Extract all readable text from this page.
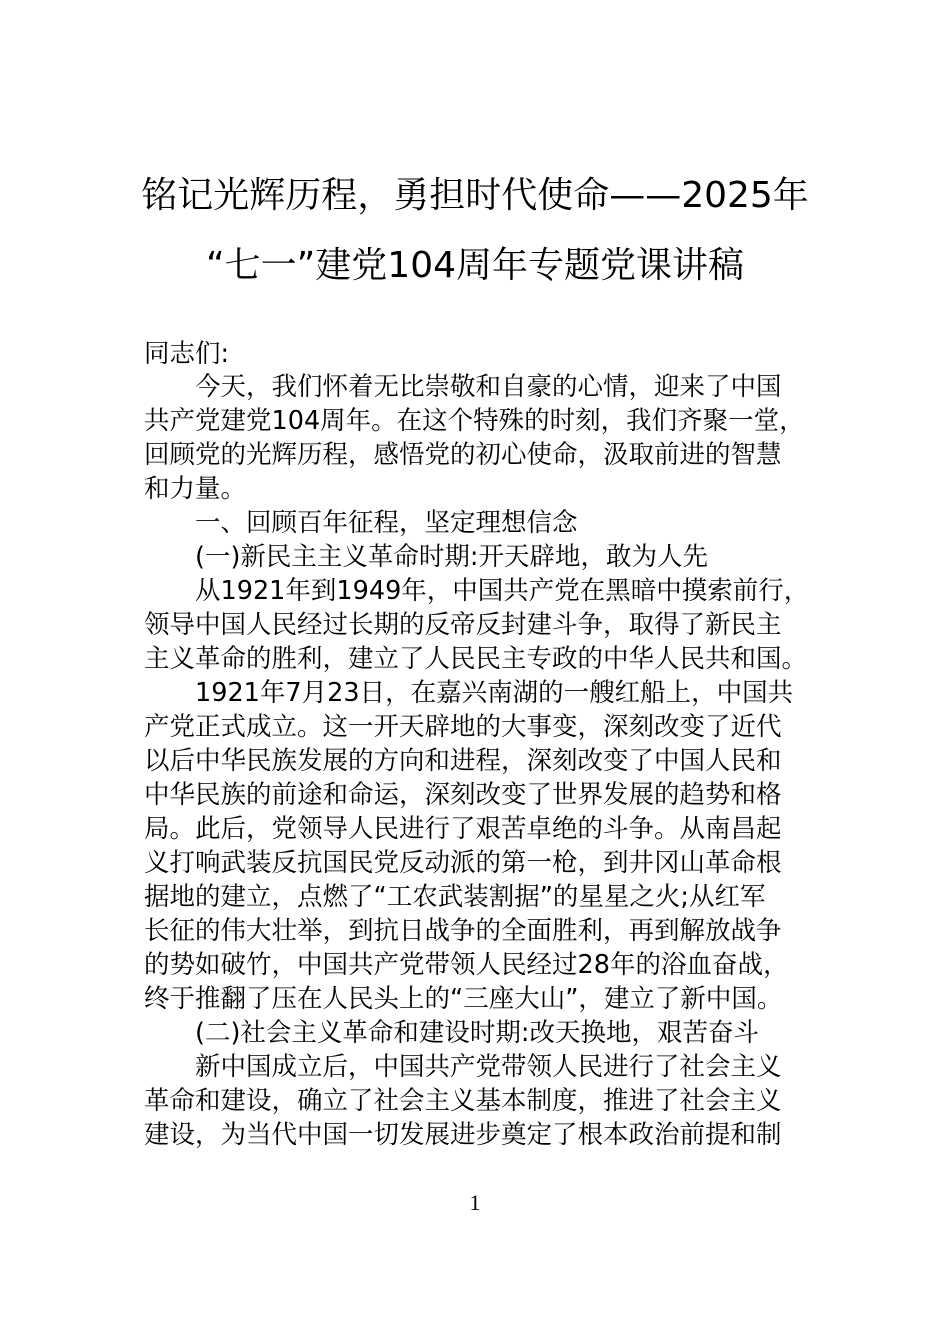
铭记光辉历程，勇担时代使命——2025年
“七一”建党104周年专题党课讲稿
同志们:
今天，我们怀着无比崇敬和自豪的心情，迎来了中国
共产党建党104周年。在这个特殊的时刻，我们齐聚一堂，
回顾党的光辉历程，感悟党的初心使命，汲取前进的智慧
和力量。
一、回顾百年征程，坚定理想信念
(一)新民主主义革命时期:开天辟地，敢为人先
从1921年到1949年，中国共产党在黑暗中摸索前行，
领导中国人民经过长期的反帝反封建斗争，取得了新民主
主义革命的胜利，建立了人民民主专政的中华人民共和国。
1921年7月23日，在嘉兴南湖的一艘红船上，中国共
产党正式成立。这一开天辟地的大事变，深刻改变了近代
以后中华民族发展的方向和进程，深刻改变了中国人民和
中华民族的前途和命运，深刻改变了世界发展的趋势和格
局。此后，党领导人民进行了艰苦卓绝的斗争。从南昌起
义打响武装反抗国民党反动派的第一枪，到井冈山革命根
据地的建立，点燃了“工农武装割据”的星星之火;从红军
长征的伟大壮举，到抗日战争的全面胜利，再到解放战争
的势如破竹，中国共产党带领人民经过28年的浴血奋战，
终于推翻了压在人民头上的“三座大山”，建立了新中国。
(二)社会主义革命和建设时期:改天换地，艰苦奋斗
新中国成立后，中国共产党带领人民进行了社会主义
革命和建设，确立了社会主义基本制度，推进了社会主义
建设，为当代中国一切发展进步奠定了根本政治前提和制
1
